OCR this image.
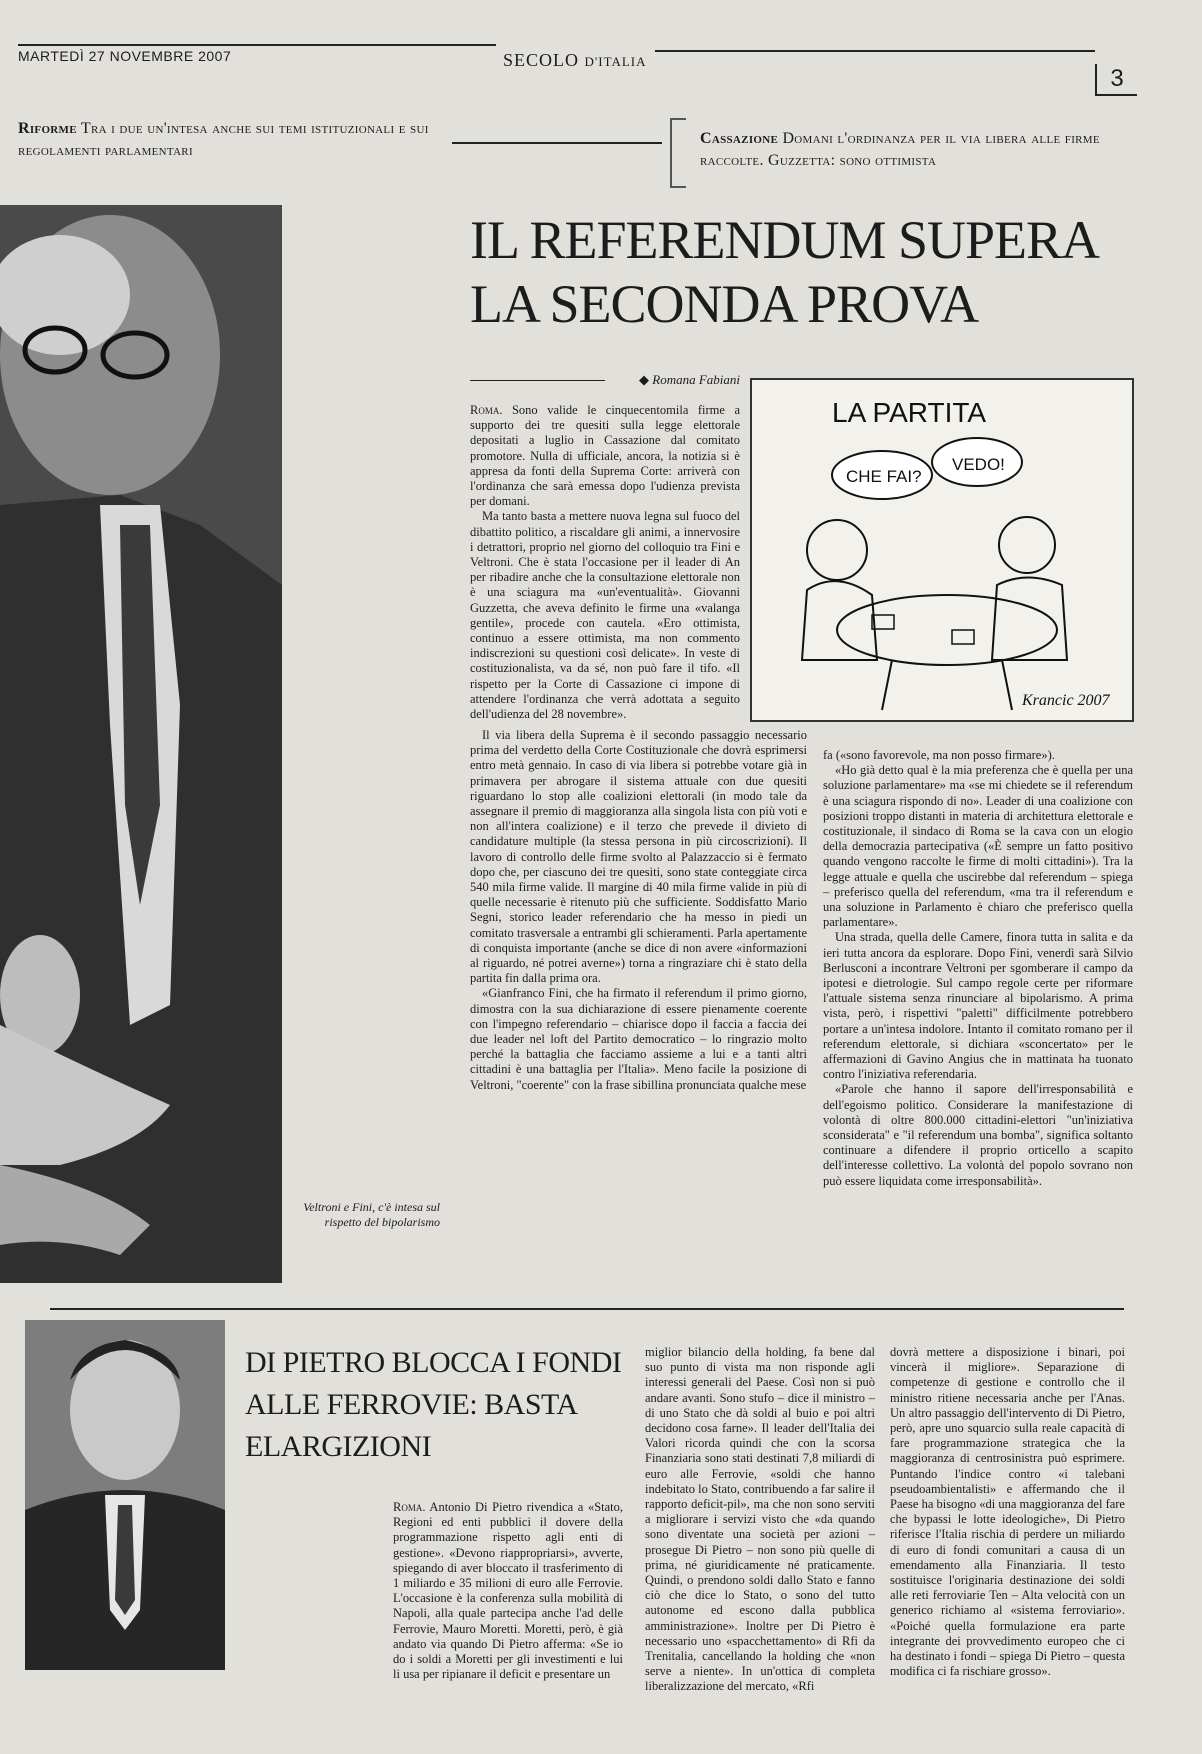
MARTEDÌ 27 NOVEMBRE 2007	SECOLO D'ITALIA
3
Riforme Tra i due un'intesa anche sui temi istituzionali e sui regolamenti parlamentari
Cassazione Domani l'ordinanza per il via libera alle firme raccolte. Guzzetta: sono ottimista
Veltroni e Fini, c'è intesa sul rispetto del bipolarismo
IL REFERENDUM SUPERA LA SECONDA PROVA
◆ Romana Fabiani
LA PARTITA
CHE FAI?
VEDO!
Krancic 2007

Roma. Sono valide le cinquecentomila firme a supporto dei tre quesiti sulla legge elettorale depositati a luglio in Cassazione dal comitato promotore. Nulla di ufficiale, ancora, la notizia si è appresa da fonti della Suprema Corte: arriverà con l'ordinanza che sarà emessa dopo l'udienza prevista per domani.

Ma tanto basta a mettere nuova legna sul fuoco del dibattito politico, a riscaldare gli animi, a innervosire i detrattori, proprio nel giorno del colloquio tra Fini e Veltroni. Che è stata l'occasione per il leader di An per ribadire anche che la consultazione elettorale non è una sciagura ma «un'eventualità». Giovanni Guzzetta, che aveva definito le firme una «valanga gentile», procede con cautela. «Ero ottimista, continuo a essere ottimista, ma non commento indiscrezioni su questioni così delicate». In veste di costituzionalista, va da sé, non può fare il tifo. «Il rispetto per la Corte di Cassazione ci impone di attendere l'ordinanza che verrà adottata a seguito dell'udienza del 28 novembre».

Il via libera della Suprema è il secondo passaggio necessario prima del verdetto della Corte Costituzionale che dovrà esprimersi entro metà gennaio. In caso di via libera si potrebbe votare già in primavera per abrogare il sistema attuale con due quesiti riguardano lo stop alle coalizioni elettorali (in modo tale da assegnare il premio di maggioranza alla singola lista con più voti e non all'intera coalizione) e il terzo che prevede il divieto di candidature multiple (la stessa persona in più circoscrizioni). Il lavoro di controllo delle firme svolto al Palazzaccio si è fermato dopo che, per ciascuno dei tre quesiti, sono state conteggiate circa 540 mila firme valide. Il margine di 40 mila firme valide in più di quelle necessarie è ritenuto più che sufficiente. Soddisfatto Mario Segni, storico leader referendario che ha messo in piedi un comitato trasversale a entrambi gli schieramenti. Parla apertamente di conquista importante (anche se dice di non avere «informazioni al riguardo, né potrei averne») torna a ringraziare chi è stato della partita fin dalla prima ora.

«Gianfranco Fini, che ha firmato il referendum il primo giorno, dimostra con la sua dichiarazione di essere pienamente coerente con l'impegno referendario – chiarisce dopo il faccia a faccia dei due leader nel loft del Partito democratico – lo ringrazio molto perché la battaglia che facciamo assieme a lui e a tanti altri cittadini è una battaglia per l'Italia». Meno facile la posizione di Veltroni, "coerente" con la frase sibillina pronunciata qualche mese

fa («sono favorevole, ma non posso firmare»).

«Ho già detto qual è la mia preferenza che è quella per una soluzione parlamentare» ma «se mi chiedete se il referendum è una sciagura rispondo di no». Leader di una coalizione con posizioni troppo distanti in materia di architettura elettorale e costituzionale, il sindaco di Roma se la cava con un elogio della democrazia partecipativa («È sempre un fatto positivo quando vengono raccolte le firme di molti cittadini»). Tra la legge attuale e quella che uscirebbe dal referendum – spiega – preferisco quella del referendum, «ma tra il referendum e una soluzione in Parlamento è chiaro che preferisco quella parlamentare».

Una strada, quella delle Camere, finora tutta in salita e da ieri tutta ancora da esplorare. Dopo Fini, venerdì sarà Silvio Berlusconi a incontrare Veltroni per sgomberare il campo da ipotesi e dietrologie. Sul campo regole certe per riformare l'attuale sistema senza rinunciare al bipolarismo. A prima vista, però, i rispettivi "paletti" difficilmente potrebbero portare a un'intesa indolore. Intanto il comitato romano per il referendum elettorale, si dichiara «sconcertato» per le affermazioni di Gavino Angius che in mattinata ha tuonato contro l'iniziativa referendaria.

«Parole che hanno il sapore dell'irresponsabilità e dell'egoismo politico. Considerare la manifestazione di volontà di oltre 800.000 cittadini-elettori "un'iniziativa sconsiderata" e "il referendum una bomba", significa soltanto continuare a difendere il proprio orticello a scapito dell'interesse collettivo. La volontà del popolo sovrano non può essere liquidata come irresponsabilità».

DI PIETRO BLOCCA I FONDI ALLE FERROVIE: BASTA ELARGIZIONI

Roma. Antonio Di Pietro rivendica a «Stato, Regioni ed enti pubblici il dovere della programmazione rispetto agli enti di gestione». «Devono riappropriarsi», avverte, spiegando di aver bloccato il trasferimento di 1 miliardo e 35 milioni di euro alle Ferrovie. L'occasione è la conferenza sulla mobilità di Napoli, alla quale partecipa anche l'ad delle Ferrovie, Mauro Moretti. Moretti, però, è già andato via quando Di Pietro afferma: «Se io do i soldi a Moretti per gli investimenti e lui li usa per ripianare il deficit e presentare un

miglior bilancio della holding, fa bene dal suo punto di vista ma non risponde agli interessi generali del Paese. Così non si può andare avanti. Sono stufo – dice il ministro – di uno Stato che dà soldi al buio e poi altri decidono cosa farne». Il leader dell'Italia dei Valori ricorda quindi che con la scorsa Finanziaria sono stati destinati 7,8 miliardi di euro alle Ferrovie, «soldi che hanno indebitato lo Stato, contribuendo a far salire il rapporto deficit-pil», ma che non sono serviti a migliorare i servizi visto che «da quando sono diventate una società per azioni – prosegue Di Pietro – non sono più quelle di prima, né giuridicamente né praticamente. Quindi, o prendono soldi dallo Stato e fanno ciò che dice lo Stato, o sono del tutto autonome ed escono dalla pubblica amministrazione». Inoltre per Di Pietro è necessario uno «spacchettamento» di Rfi da Trenitalia, cancellando la holding che «non serve a niente». In un'ottica di completa liberalizzazione del mercato, «Rfi

dovrà mettere a disposizione i binari, poi vincerà il migliore». Separazione di competenze di gestione e controllo che il ministro ritiene necessaria anche per l'Anas. Un altro passaggio dell'intervento di Di Pietro, però, apre uno squarcio sulla reale capacità di fare programmazione strategica che la maggioranza di centrosinistra può esprimere. Puntando l'indice contro «i talebani pseudoambientalisti» e affermando che il Paese ha bisogno «di una maggioranza del fare che bypassi le lotte ideologiche», Di Pietro riferisce l'Italia rischia di perdere un miliardo di euro di fondi comunitari a causa di un emendamento alla Finanziaria. Il testo sostituisce l'originaria destinazione dei soldi alle reti ferroviarie Ten – Alta velocità con un generico richiamo al «sistema ferroviario». «Poiché quella formulazione era parte integrante dei provvedimento europeo che ci ha destinato i fondi – spiega Di Pietro – questa modifica ci fa rischiare grosso».
